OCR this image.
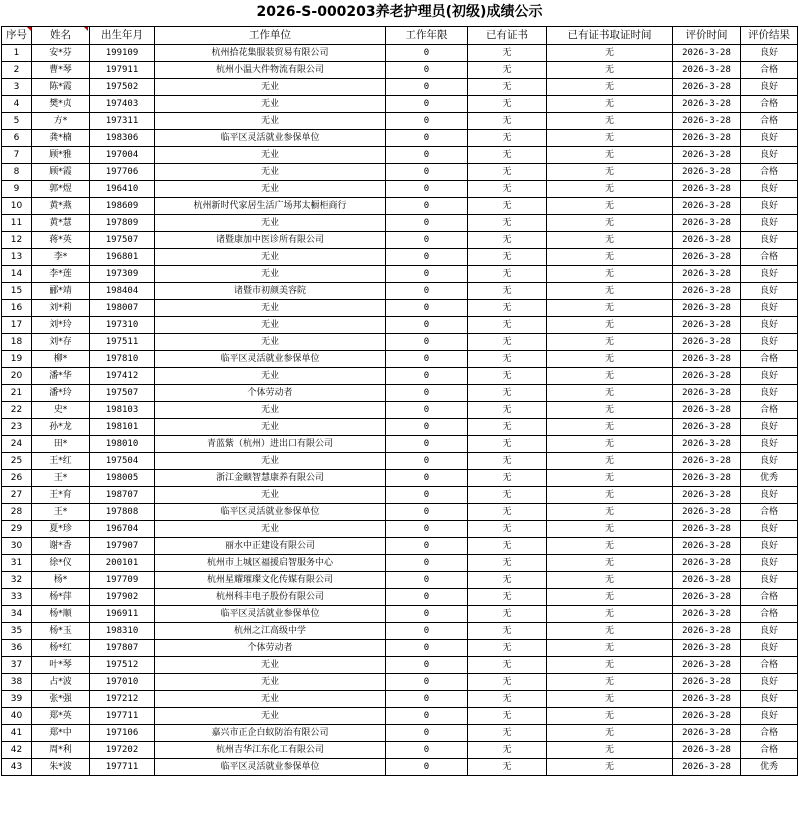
2026-S-000203养老护理员(初级)成绩公示
序号	姓名	出生年月	工作单位	工作年限	已有证书	已有证书取证时间	评价时间	评价结果
1	安*芬	199109	杭州拾花集服装贸易有限公司	0	无	无	2026-3-28	良好
2	曹*琴	197911	杭州小温大件物流有限公司	0	无	无	2026-3-28	合格
3	陈*霞	197502	无业	0	无	无	2026-3-28	良好
4	樊*贞	197403	无业	0	无	无	2026-3-28	合格
5	方*	197311	无业	0	无	无	2026-3-28	合格
6	龚*楠	198306	临平区灵活就业参保单位	0	无	无	2026-3-28	良好
7	顾*雅	197004	无业	0	无	无	2026-3-28	良好
8	顾*霞	197706	无业	0	无	无	2026-3-28	合格
9	郭*煜	196410	无业	0	无	无	2026-3-28	良好
10	黄*燕	198609	杭州新时代家居生活广场邦太橱柜商行	0	无	无	2026-3-28	良好
11	黄*慧	197809	无业	0	无	无	2026-3-28	良好
12	蒋*英	197507	诸暨康加中医诊所有限公司	0	无	无	2026-3-28	良好
13	李*	196801	无业	0	无	无	2026-3-28	合格
14	李*莲	197309	无业	0	无	无	2026-3-28	良好
15	郦*靖	198404	诸暨市初颜美容院	0	无	无	2026-3-28	良好
16	刘*莉	198007	无业	0	无	无	2026-3-28	良好
17	刘*玲	197310	无业	0	无	无	2026-3-28	良好
18	刘*存	197511	无业	0	无	无	2026-3-28	良好
19	柳*	197810	临平区灵活就业参保单位	0	无	无	2026-3-28	合格
20	潘*华	197412	无业	0	无	无	2026-3-28	良好
21	潘*玲	197507	个体劳动者	0	无	无	2026-3-28	良好
22	史*	198103	无业	0	无	无	2026-3-28	合格
23	孙*龙	198101	无业	0	无	无	2026-3-28	良好
24	田*	198010	青蓝紫（杭州）进出口有限公司	0	无	无	2026-3-28	良好
25	王*红	197504	无业	0	无	无	2026-3-28	良好
26	王*	198005	浙江金颐智慧康养有限公司	0	无	无	2026-3-28	优秀
27	王*育	198707	无业	0	无	无	2026-3-28	良好
28	王*	197808	临平区灵活就业参保单位	0	无	无	2026-3-28	合格
29	夏*珍	196704	无业	0	无	无	2026-3-28	良好
30	谢*香	197907	丽水中正建设有限公司	0	无	无	2026-3-28	良好
31	徐*仪	200101	杭州市上城区福援启智服务中心	0	无	无	2026-3-28	良好
32	杨*	197709	杭州星耀璀璨文化传媒有限公司	0	无	无	2026-3-28	良好
33	杨*萍	197902	杭州科丰电子股份有限公司	0	无	无	2026-3-28	合格
34	杨*顺	196911	临平区灵活就业参保单位	0	无	无	2026-3-28	合格
35	杨*玉	198310	杭州之江高级中学	0	无	无	2026-3-28	良好
36	杨*红	197807	个体劳动者	0	无	无	2026-3-28	良好
37	叶*琴	197512	无业	0	无	无	2026-3-28	合格
38	占*波	197010	无业	0	无	无	2026-3-28	良好
39	张*强	197212	无业	0	无	无	2026-3-28	良好
40	郑*英	197711	无业	0	无	无	2026-3-28	良好
41	郑*中	197106	嘉兴市正企白蚁防治有限公司	0	无	无	2026-3-28	合格
42	周*利	197202	杭州吉华江东化工有限公司	0	无	无	2026-3-28	合格
43	朱*波	197711	临平区灵活就业参保单位	0	无	无	2026-3-28	优秀
